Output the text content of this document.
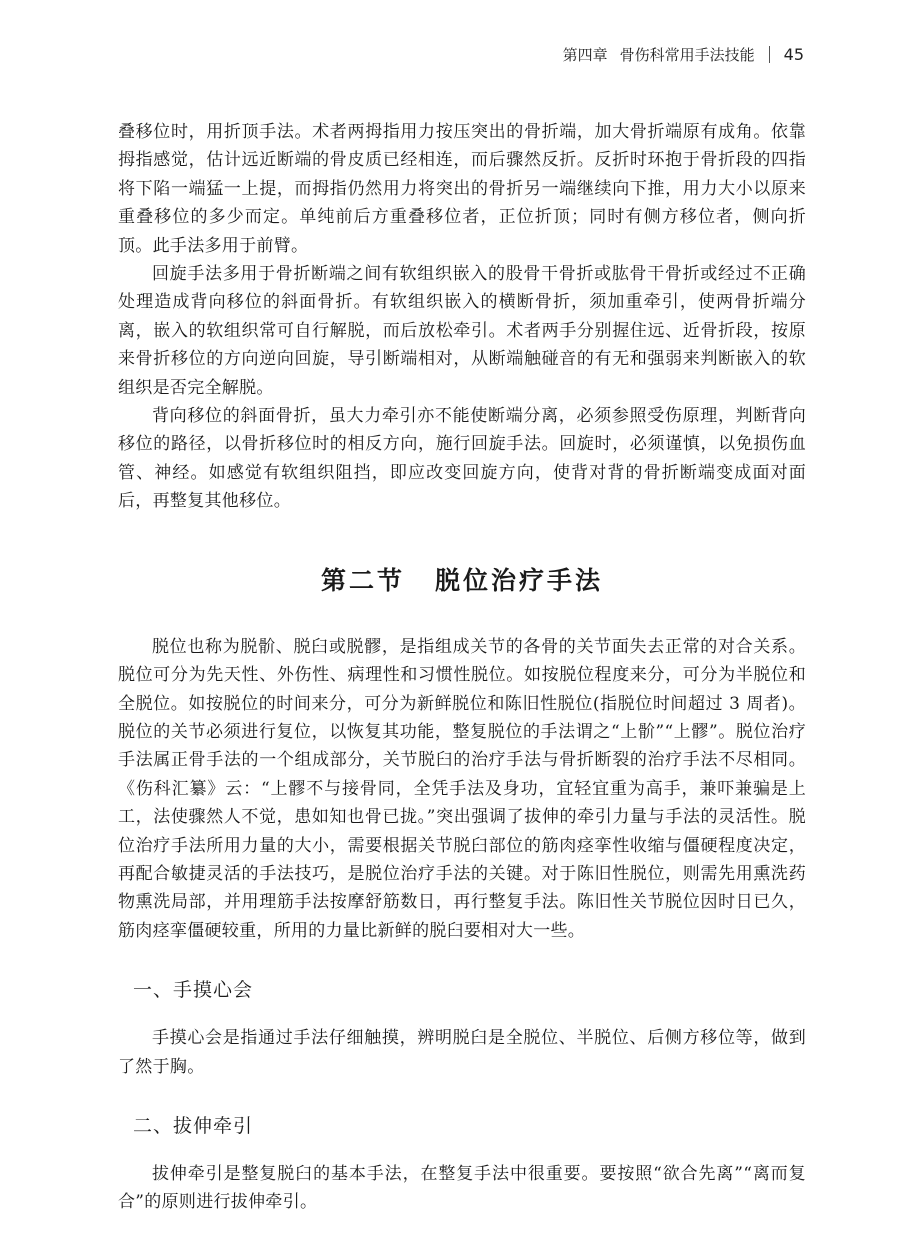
第四章 骨伤科常用手法技能 45

叠移位时，用折顶手法。术者两拇指用力按压突出的骨折端，加大骨折端原有成角。依靠拇指感觉，估计远近断端的骨皮质已经相连，而后骤然反折。反折时环抱于骨折段的四指将下陷一端猛一上提，而拇指仍然用力将突出的骨折另一端继续向下推，用力大小以原来重叠移位的多少而定。单纯前后方重叠移位者，正位折顶；同时有侧方移位者，侧向折顶。此手法多用于前臂。

回旋手法多用于骨折断端之间有软组织嵌入的股骨干骨折或肱骨干骨折或经过不正确处理造成背向移位的斜面骨折。有软组织嵌入的横断骨折，须加重牵引，使两骨折端分离，嵌入的软组织常可自行解脱，而后放松牵引。术者两手分别握住远、近骨折段，按原来骨折移位的方向逆向回旋，导引断端相对，从断端触碰音的有无和强弱来判断嵌入的软组织是否完全解脱。

背向移位的斜面骨折，虽大力牵引亦不能使断端分离，必须参照受伤原理，判断背向移位的路径，以骨折移位时的相反方向，施行回旋手法。回旋时，必须谨慎，以免损伤血管、神经。如感觉有软组织阻挡，即应改变回旋方向，使背对背的骨折断端变成面对面后，再整复其他移位。

第二节 脱位治疗手法

脱位也称为脱骱、脱臼或脱髎，是指组成关节的各骨的关节面失去正常的对合关系。脱位可分为先天性、外伤性、病理性和习惯性脱位。如按脱位程度来分，可分为半脱位和全脱位。如按脱位的时间来分，可分为新鲜脱位和陈旧性脱位(指脱位时间超过 3 周者)。脱位的关节必须进行复位，以恢复其功能，整复脱位的手法谓之“上骱”“上髎”。脱位治疗手法属正骨手法的一个组成部分，关节脱臼的治疗手法与骨折断裂的治疗手法不尽相同。《伤科汇纂》云：“上髎不与接骨同，全凭手法及身功，宜轻宜重为高手，兼吓兼骗是上工，法使骤然人不觉，患如知也骨已拢。”突出强调了拔伸的牵引力量与手法的灵活性。脱位治疗手法所用力量的大小，需要根据关节脱臼部位的筋肉痉挛性收缩与僵硬程度决定，再配合敏捷灵活的手法技巧，是脱位治疗手法的关键。对于陈旧性脱位，则需先用熏洗药物熏洗局部，并用理筋手法按摩舒筋数日，再行整复手法。陈旧性关节脱位因时日已久，筋肉痉挛僵硬较重，所用的力量比新鲜的脱臼要相对大一些。

一、手摸心会

手摸心会是指通过手法仔细触摸，辨明脱臼是全脱位、半脱位、后侧方移位等，做到了然于胸。

二、拔伸牵引

拔伸牵引是整复脱臼的基本手法，在整复手法中很重要。要按照“欲合先离”“离而复合”的原则进行拔伸牵引。
